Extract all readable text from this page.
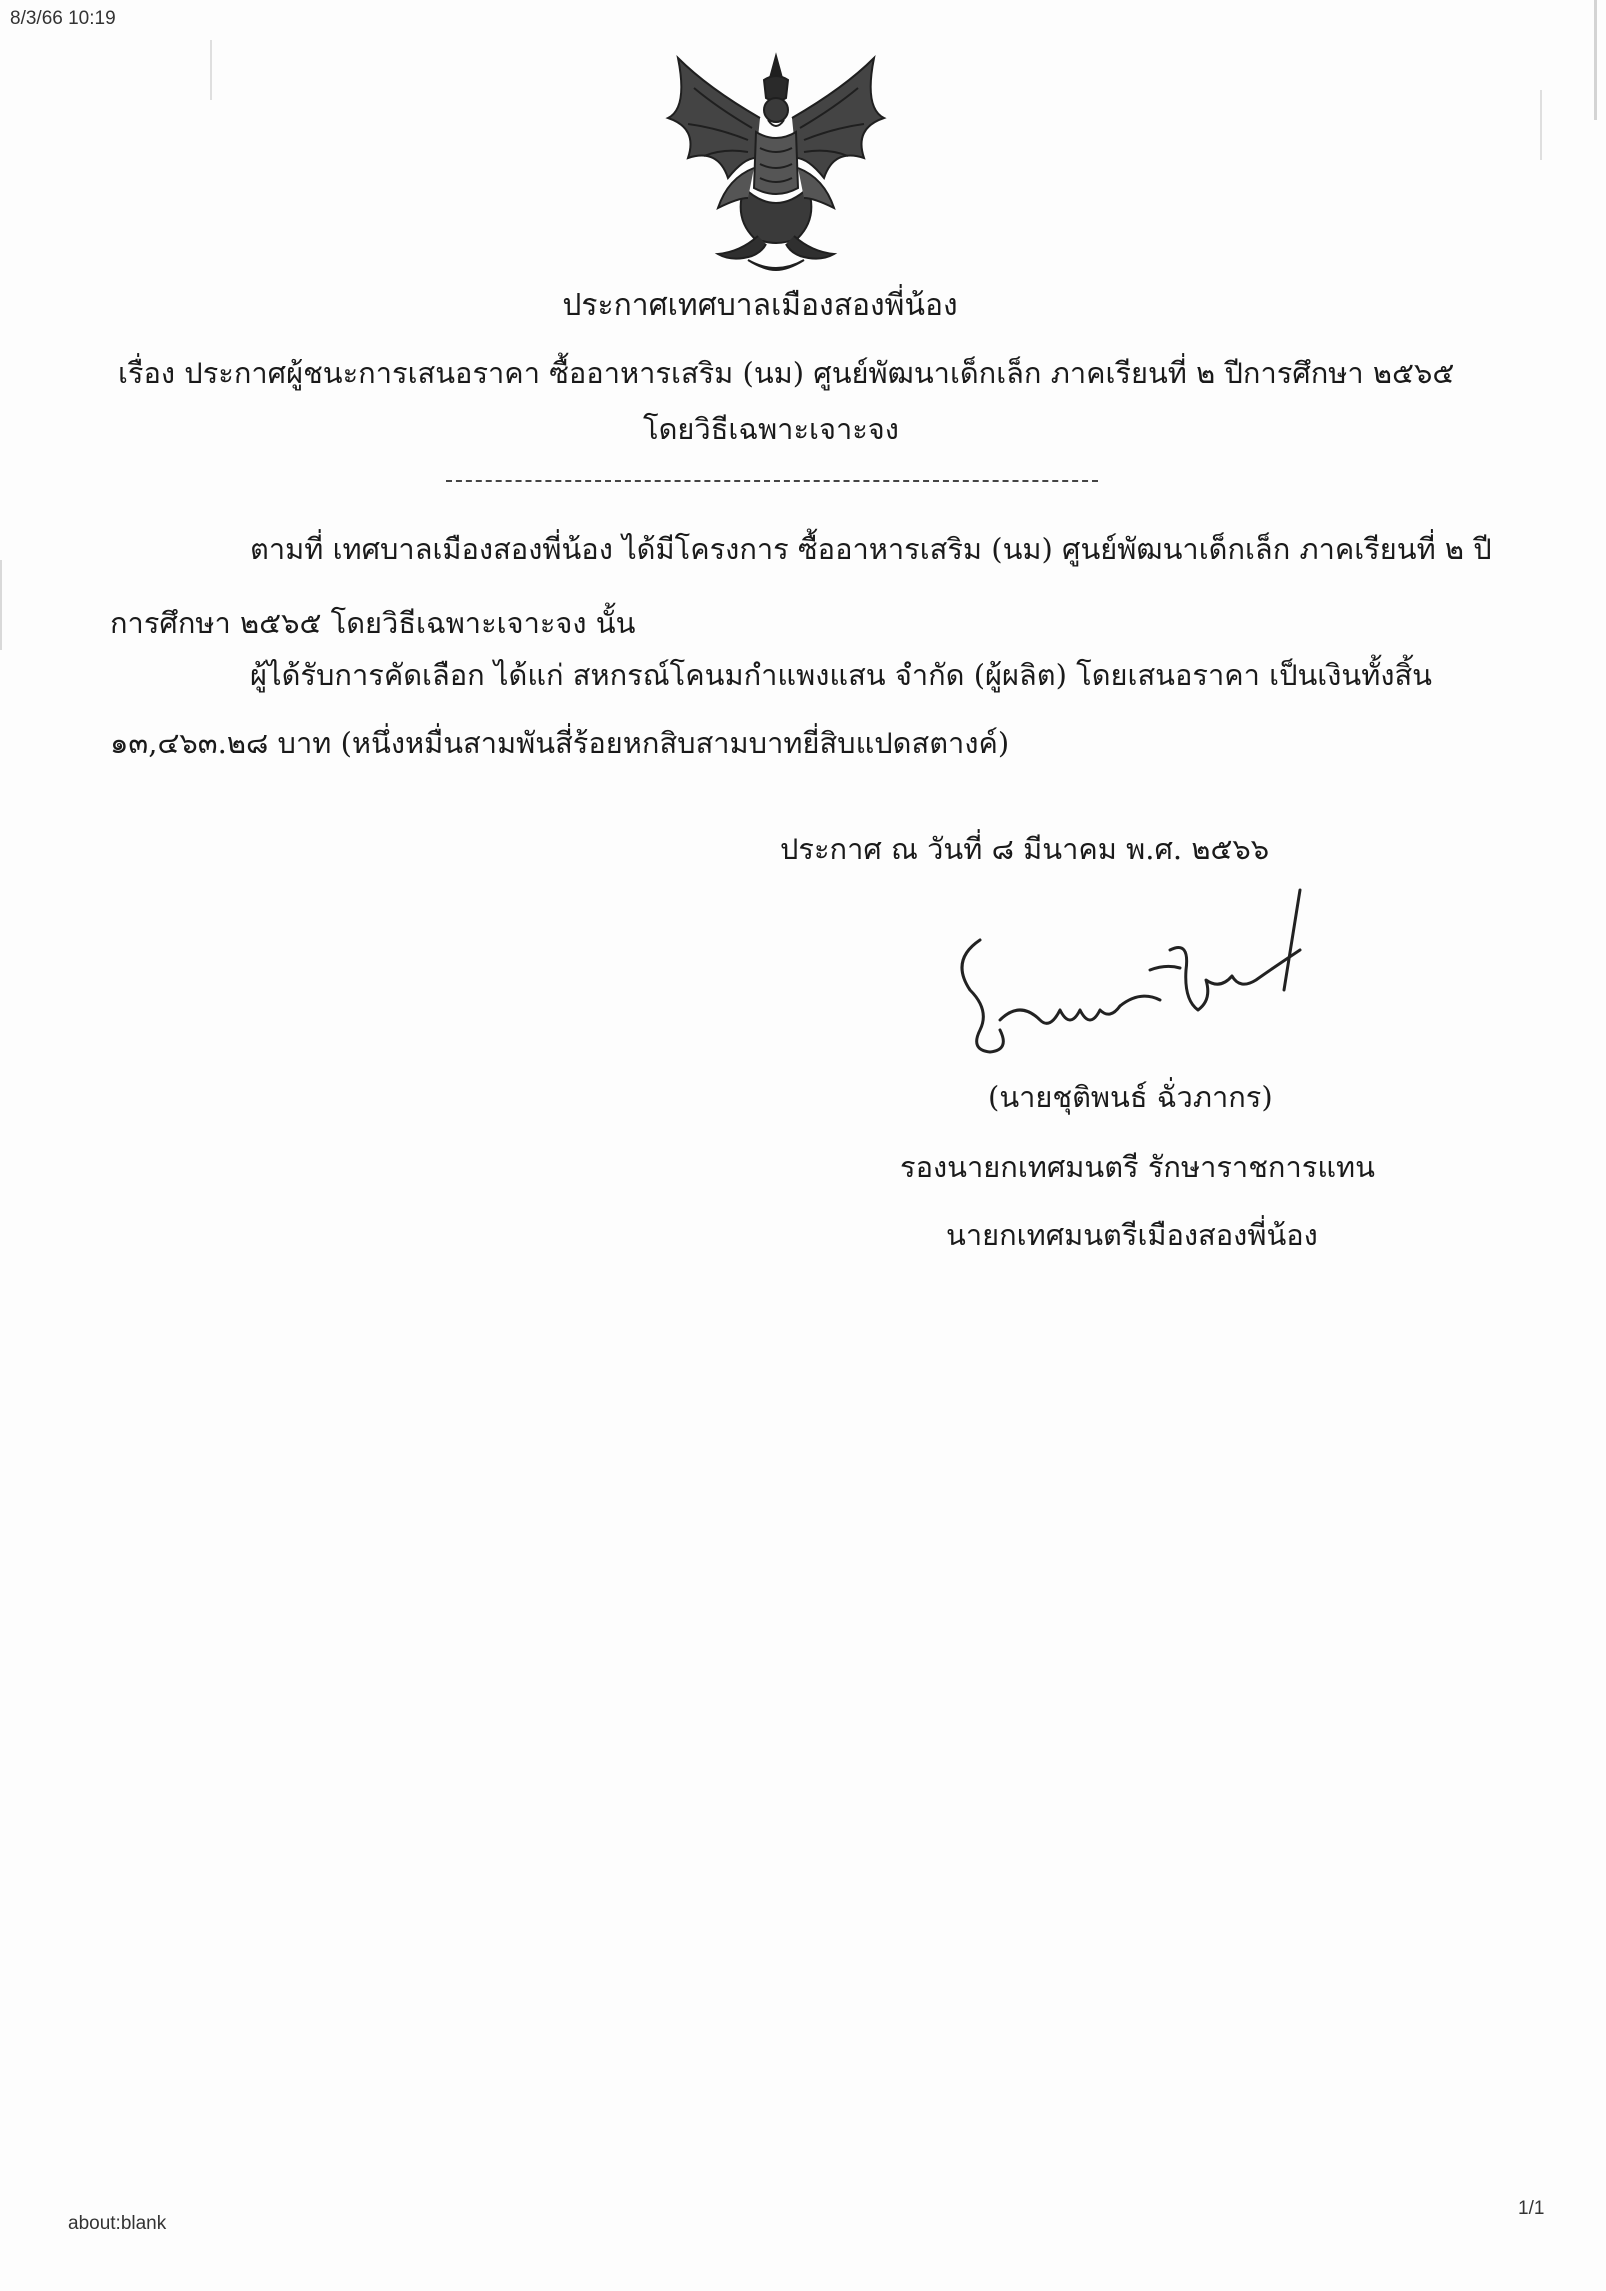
8/3/66 10:19
ประกาศเทศบาลเมืองสองพี่น้อง
เรื่อง ประกาศผู้ชนะการเสนอราคา ซื้ออาหารเสริม (นม) ศูนย์พัฒนาเด็กเล็ก ภาคเรียนที่ ๒ ปีการศึกษา ๒๕๖๕
โดยวิธีเฉพาะเจาะจง
ตามที่ เทศบาลเมืองสองพี่น้อง ได้มีโครงการ ซื้ออาหารเสริม (นม) ศูนย์พัฒนาเด็กเล็ก ภาคเรียนที่ ๒ ปี
การศึกษา ๒๕๖๕ โดยวิธีเฉพาะเจาะจง นั้น
ผู้ได้รับการคัดเลือก ได้แก่ สหกรณ์โคนมกำแพงแสน จำกัด (ผู้ผลิต) โดยเสนอราคา เป็นเงินทั้งสิ้น
๑๓,๔๖๓.๒๘ บาท (หนึ่งหมื่นสามพันสี่ร้อยหกสิบสามบาทยี่สิบแปดสตางค์)
ประกาศ ณ วันที่ ๘ มีนาคม พ.ศ. ๒๕๖๖
(นายชุติพนธ์ ฉั่วภากร)
รองนายกเทศมนตรี รักษาราชการแทน
นายกเทศมนตรีเมืองสองพี่น้อง
about:blank
1/1
